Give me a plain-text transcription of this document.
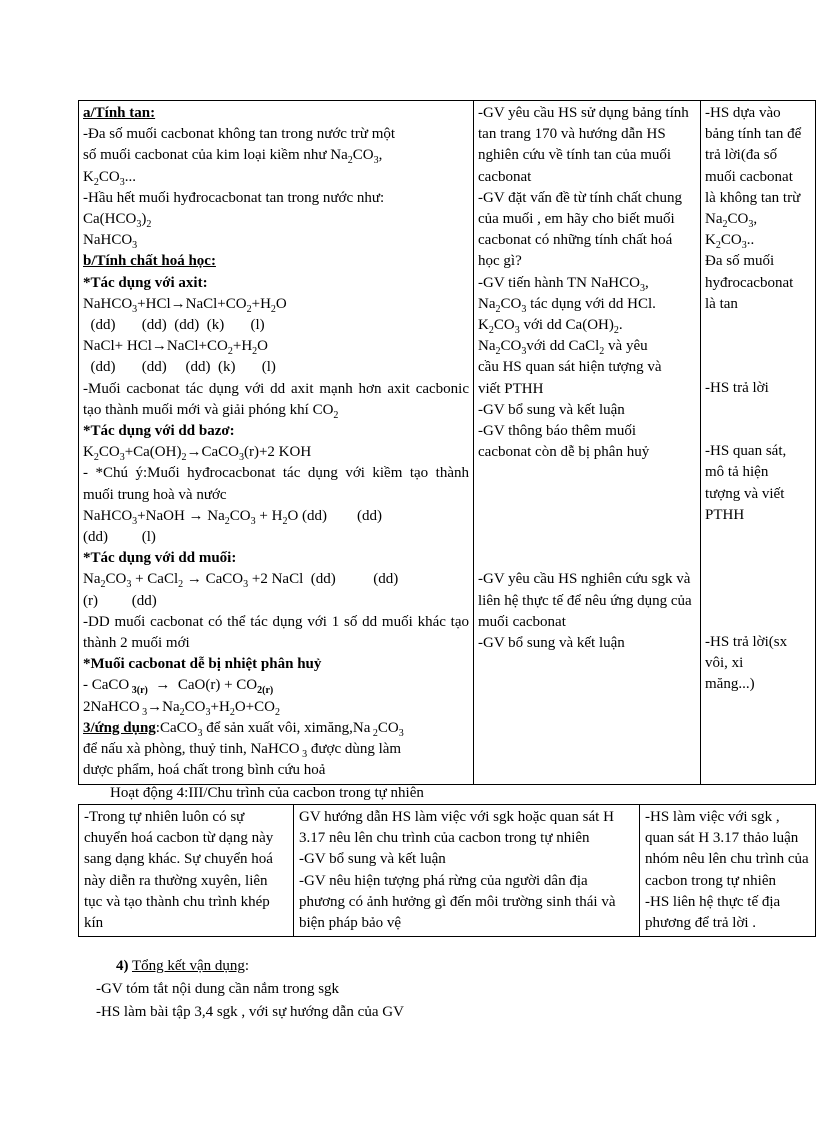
a/Tính tan:
-Đa số muối cacbonat không tan trong nước trừ một
số muối cacbonat của kim loại kiềm như $Na_2CO_3$,
$K_2CO_3$...
-Hầu hết muối hyđrocacbonat tan trong nước như:
$Ca(HCO_3)_2$
NaHCO$_3$
b/Tính chất hoá học:
*Tác dụng với axit:
$NaHCO_3+HCl\to NaCl+CO_2+H_2O$
(dd)       (dd)  (dd)  (k)       (l)
NaCl+ $HCl\to NaCl+CO_2+H_2O$
(dd)       (dd)     (dd)  (k)       (l)
-Muối cacbonat tác dụng với dd axit mạnh hơn axit cacbonic tạo thành muối mới và giải phóng khí $CO_2$
*Tác dụng với dd bazơ:
$K_2CO_3+Ca(OH)_2\to CaCO_3(r)+2$ KOH
- *Chú ý:Muối hyđrocacbonat tác dụng với kiềm tạo thành muối trung hoà và nước
NaHCO$_3$+NaOH → $Na_2CO_3 + H_2O$ (dd)        (dd)
(dd)         (l)
*Tác dụng với dd muối:
$Na_2CO_3$ + CaCl$_2$ → CaCO$_3$ +2 NaCl  (dd)          (dd)
(r)         (dd)
-DD muối cacbonat có thể tác dụng với 1 số dd muối khác tạo thành 2 muối mới
*Muối cacbonat dễ bị nhiệt phân huỷ
- CaCO $_{3(r)} \to CaO(r) + CO_{2(r)}$
2NaHCO $_3\to Na_2CO_3+H_2O+CO_2$
3/ứng dụng:CaCO$_3$ để sản xuất vôi, ximăng,Na $_2CO_3$
để nấu xà phòng, thuỷ tinh, NaHCO $_3$ được dùng làm
dược phẩm, hoá chất trong bình cứu hoả

-GV yêu cầu HS sử dụng bảng tính tan trang 170 và hướng dẫn HS nghiên cứu về tính tan của muối cacbonat
-GV đặt vấn đề từ tính chất chung của muối , em hãy cho biết muối cacbonat có những tính chất hoá học gì?
-GV tiến hành TN NaHCO$_3$,
$Na_2CO_3$ tác dụng với dd HCl.
$K_2CO_3$ với dd $Ca(OH)_2$.
$Na_2CO_3với$ dd CaCl$_2$ và yêu
cầu HS quan sát hiện tượng và
viết PTHH
-GV bổ sung và kết luận
-GV thông báo thêm muối
cacbonat còn dễ bị phân huỷ
-GV yêu cầu HS nghiên cứu sgk và liên hệ thực tế để nêu ứng dụng của muối cacbonat
-GV bổ sung và kết luận

-HS dựa vào
bảng tính tan để
trả lời(đa số
muối cacbonat
là không tan trừ
$Na_2CO_3$,
$K_2CO_3$..
Đa số muối
hyđrocacbonat
là tan
-HS trả lời
-HS quan sát,
mô tả hiện
tượng và viết
PTHH
-HS trả lời(sx
vôi, xi
măng...)
Hoạt động 4:III/Chu trình của cacbon trong tự nhiên
-Trong tự nhiên luôn có sự chuyển hoá cacbon từ dạng này sang dạng khác. Sự chuyển hoá này diễn ra thường xuyên, liên tục và tạo thành chu trình khép kín

GV hướng dẫn HS làm việc với sgk hoặc quan sát H 3.17 nêu lên chu trình của cacbon trong tự nhiên
-GV bổ sung và kết luận
-GV nêu hiện tượng phá rừng của người dân địa phương có ảnh hưởng gì đến môi trường sinh thái và biện pháp bảo vệ

-HS làm việc với sgk , quan sát H 3.17 thảo luận nhóm nêu lên chu trình của cacbon trong tự nhiên
-HS liên hệ thực tế địa phương để trả lời .
4) Tổng kết vận dụng:
-GV tóm tắt nội dung cần nắm trong sgk
-HS làm bài tập 3,4 sgk , với sự hướng dẫn của GV
